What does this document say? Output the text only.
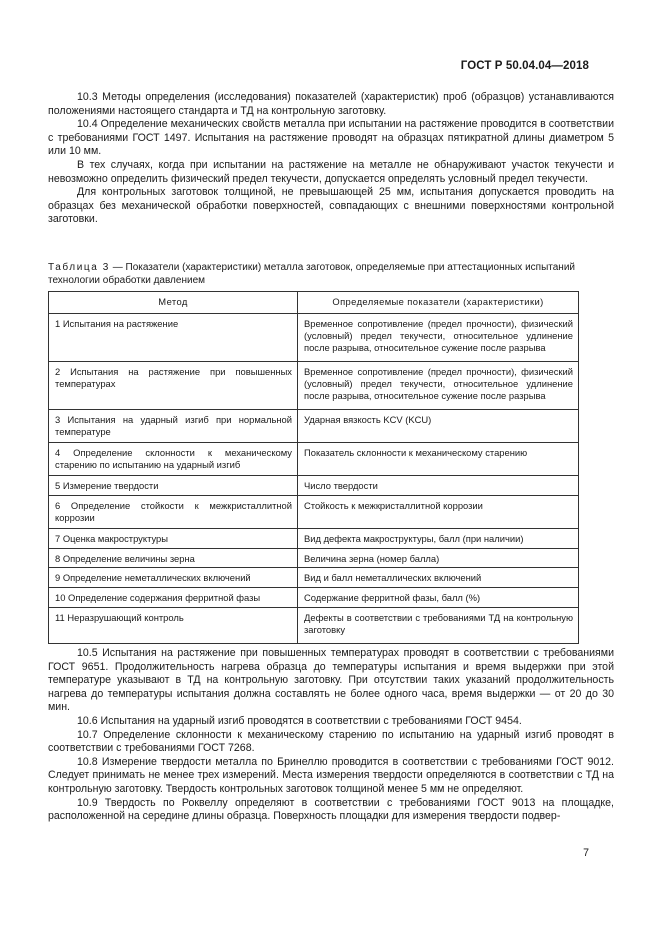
ГОСТ Р 50.04.04—2018

10.3 Методы определения (исследования) показателей (характеристик) проб (образцов) устанавливаются положениями настоящего стандарта и ТД на контрольную заготовку.

10.4 Определение механических свойств металла при испытании на растяжение проводится в соответствии с требованиями ГОСТ 1497. Испытания на растяжение проводят на образцах пятикратной длины диаметром 5 или 10 мм.

В тех случаях, когда при испытании на растяжение на металле не обнаруживают участок текучести и невозможно определить физический предел текучести, допускается определять условный предел текучести.

Для контрольных заготовок толщиной, не превышающей 25 мм, испытания допускается проводить на образцах без механической обработки поверхностей, совпадающих с внешними поверхностями контрольной заготовки.

Таблица 3 — Показатели (характеристики) металла заготовок, определяемые при аттестационных испытаний технологии обработки давлением

Метод	Определяемые показатели (характеристики)
1 Испытания на растяжение	Временное сопротивление (предел прочности), физический (условный) предел текучести, относительное удлинение после разрыва, относительное сужение после разрыва
2 Испытания на растяжение при повышенных температурах	Временное сопротивление (предел прочности), физический (условный) предел текучести, относительное удлинение после разрыва, относительное сужение после разрыва
3 Испытания на ударный изгиб при нормальной температуре	Ударная вязкость KCV (KCU)
4 Определение склонности к механическому старению по испытанию на ударный изгиб	Показатель склонности к механическому старению
5 Измерение твердости	Число твердости
6 Определение стойкости к межкристаллитной коррозии	Стойкость к межкристаллитной коррозии
7 Оценка макроструктуры	Вид дефекта макроструктуры, балл (при наличии)
8 Определение величины зерна	Величина зерна (номер балла)
9 Определение неметаллических включений	Вид и балл неметаллических включений
10 Определение содержания ферритной фазы	Содержание ферритной фазы, балл (%)
11 Неразрушающий контроль	Дефекты в соответствии с требованиями ТД на контрольную заготовку

10.5 Испытания на растяжение при повышенных температурах проводят в соответствии с требованиями ГОСТ 9651. Продолжительность нагрева образца до температуры испытания и время выдержки при этой температуре указывают в ТД на контрольную заготовку. При отсутствии таких указаний продолжительность нагрева до температуры испытания должна составлять не более одного часа, время выдержки — от 20 до 30 мин.

10.6 Испытания на ударный изгиб проводятся в соответствии с требованиями ГОСТ 9454.

10.7 Определение склонности к механическому старению по испытанию на ударный изгиб проводят в соответствии с требованиями ГОСТ 7268.

10.8 Измерение твердости металла по Бринеллю проводится в соответствии с требованиями ГОСТ 9012. Следует принимать не менее трех измерений. Места измерения твердости определяются в соответствии с ТД на контрольную заготовку. Твердость контрольных заготовок толщиной менее 5 мм не определяют.

10.9 Твердость по Роквеллу определяют в соответствии с требованиями ГОСТ 9013 на площадке, расположенной на середине длины образца. Поверхность площадки для измерения твердости подвер-

7
